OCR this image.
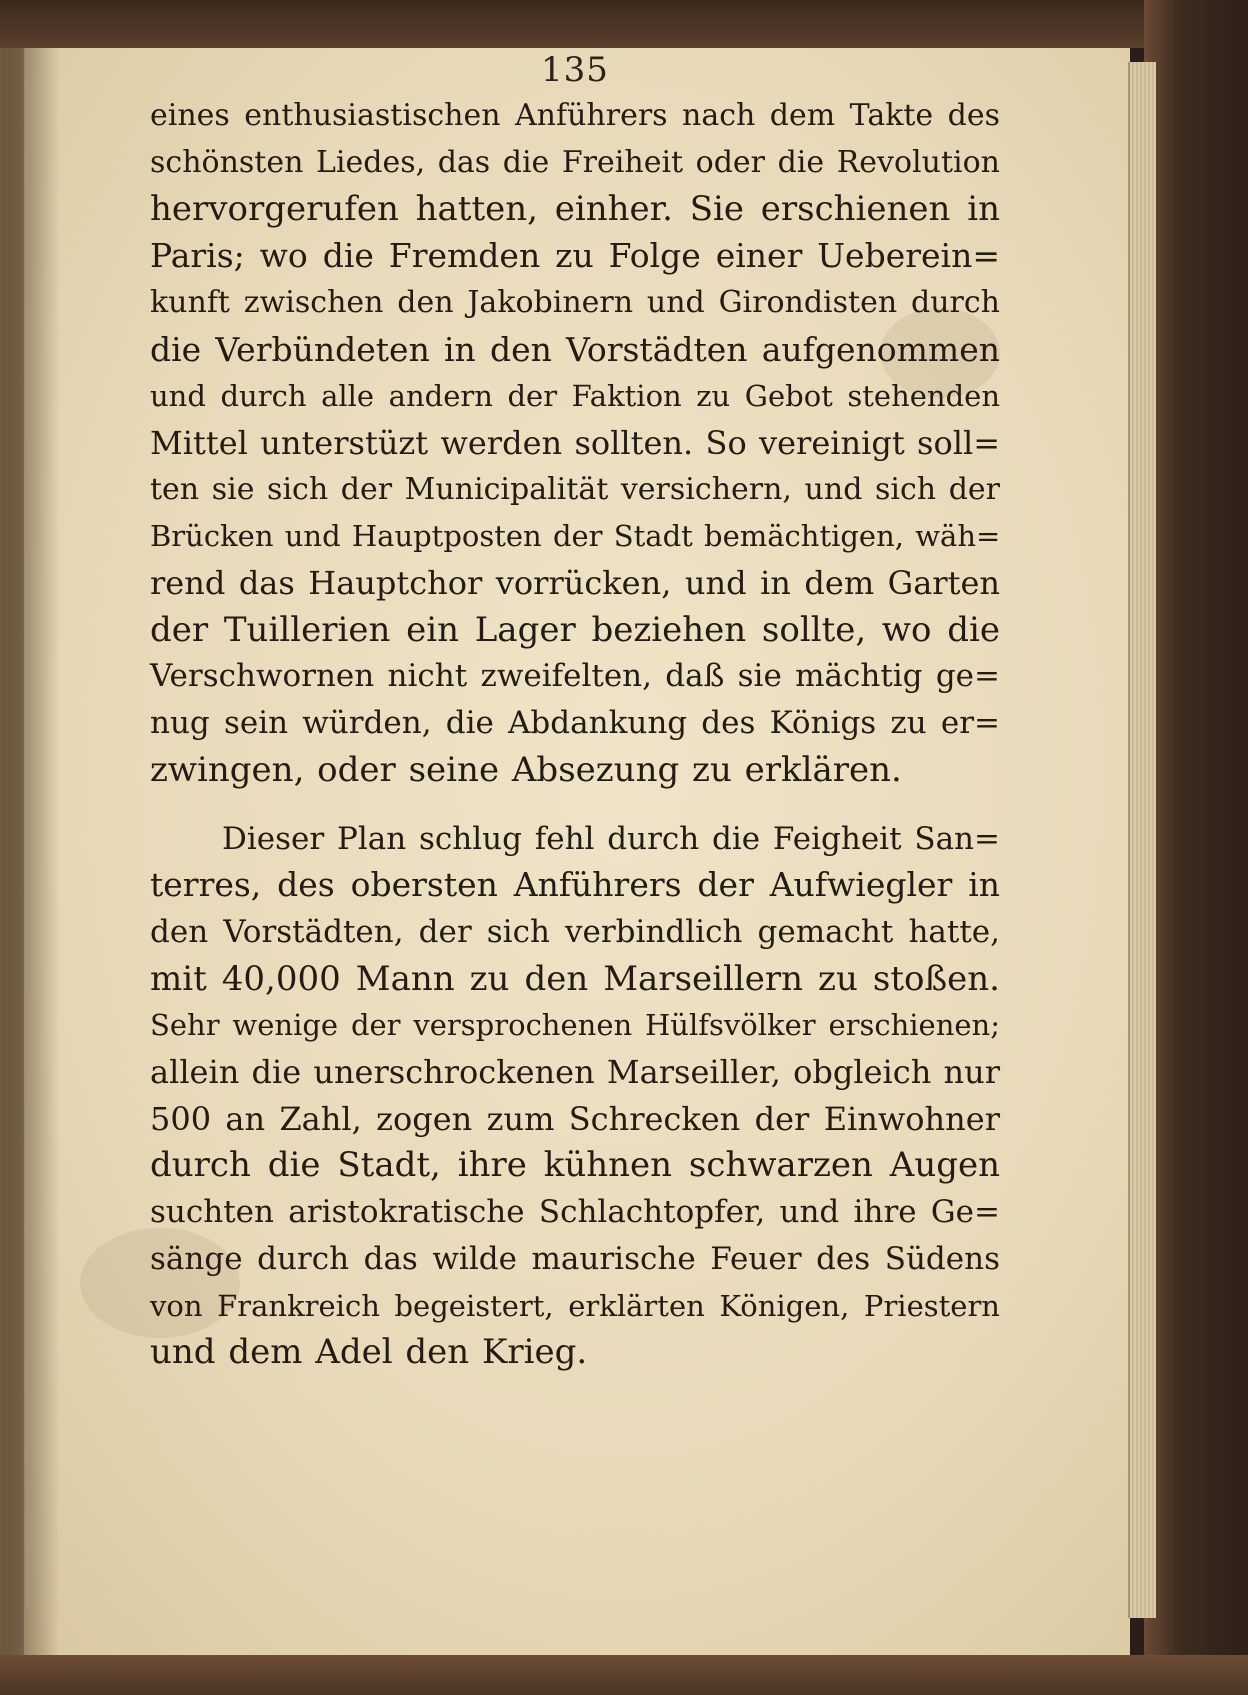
135
eines enthusiastischen Anführers nach dem Takte des
schönsten Liedes, das die Freiheit oder die Revolution
hervorgerufen hatten, einher. Sie erschienen in
Paris; wo die Fremden zu Folge einer Ueberein=
kunft zwischen den Jakobinern und Girondisten durch
die Verbündeten in den Vorstädten aufgenommen
und durch alle andern der Faktion zu Gebot stehenden
Mittel unterstüzt werden sollten. So vereinigt soll=
ten sie sich der Municipalität versichern, und sich der
Brücken und Hauptposten der Stadt bemächtigen, wäh=
rend das Hauptchor vorrücken, und in dem Garten
der Tuillerien ein Lager beziehen sollte, wo die
Verschwornen nicht zweifelten, daß sie mächtig ge=
nug sein würden, die Abdankung des Königs zu er=
zwingen, oder seine Absezung zu erklären.
Dieser Plan schlug fehl durch die Feigheit San=
terres, des obersten Anführers der Aufwiegler in
den Vorstädten, der sich verbindlich gemacht hatte,
mit 40,000 Mann zu den Marseillern zu stoßen.
Sehr wenige der versprochenen Hülfsvölker erschienen;
allein die unerschrockenen Marseiller, obgleich nur
500 an Zahl, zogen zum Schrecken der Einwohner
durch die Stadt, ihre kühnen schwarzen Augen
suchten aristokratische Schlachtopfer, und ihre Ge=
sänge durch das wilde maurische Feuer des Südens
von Frankreich begeistert, erklärten Königen, Priestern
und dem Adel den Krieg.
